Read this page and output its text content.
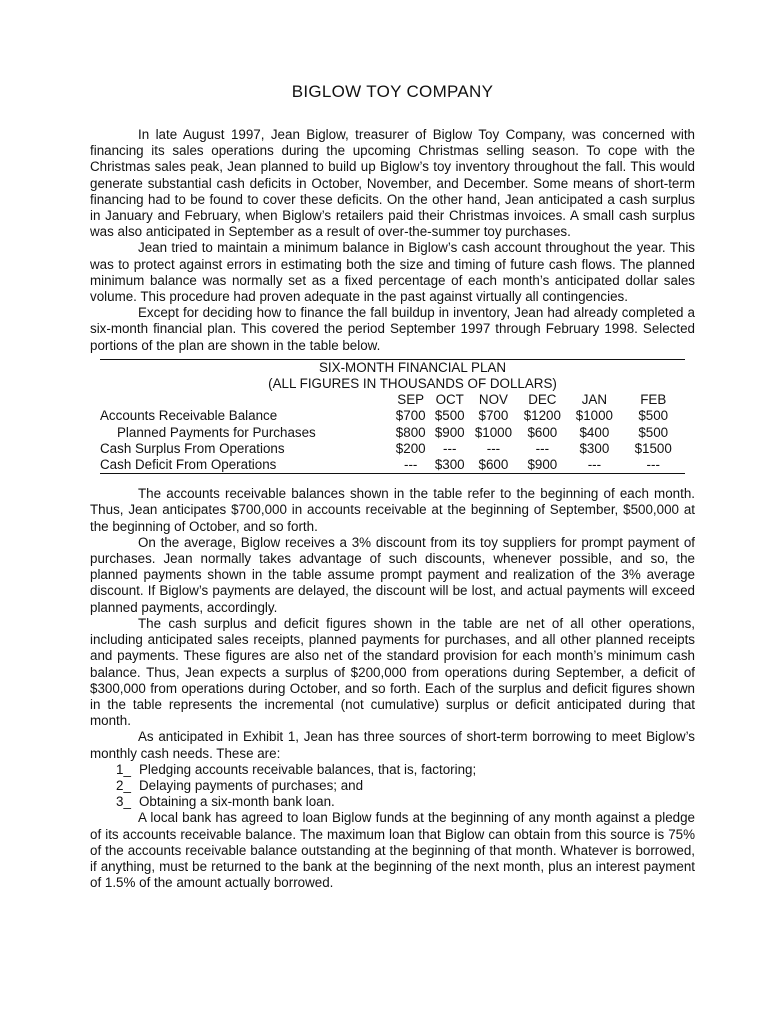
BIGLOW TOY COMPANY

In late August 1997, Jean Biglow, treasurer of Biglow Toy Company, was concerned with financing its sales operations during the upcoming Christmas selling season. To cope with the Christmas sales peak, Jean planned to build up Biglow’s toy inventory throughout the fall. This would generate substantial cash deficits in October, November, and December. Some means of short-term financing had to be found to cover these deficits. On the other hand, Jean anticipated a cash surplus in January and February, when Biglow’s retailers paid their Christmas invoices. A small cash surplus was also anticipated in September as a result of over-the-summer toy purchases.

Jean tried to maintain a minimum balance in Biglow’s cash account throughout the year. This was to protect against errors in estimating both the size and timing of future cash flows. The planned minimum balance was normally set as a fixed percentage of each month’s anticipated dollar sales volume. This procedure had proven adequate in the past against virtually all contingencies.

Except for deciding how to finance the fall buildup in inventory, Jean had already completed a six-month financial plan. This covered the period September 1997 through February 1998. Selected portions of the plan are shown in the table below.

SIX-MONTH FINANCIAL PLAN
(ALL FIGURES IN THOUSANDS OF DOLLARS)
	SEP	OCT	NOV	DEC	JAN	FEB
Accounts Receivable Balance	$700	$500	$700	$1200	$1000	$500
Planned Payments for Purchases	$800	$900	$1000	$600	$400	$500
Cash Surplus From Operations	$200	---	---	---	$300	$1500
Cash Deficit From Operations	---	$300	$600	$900	---	---

The accounts receivable balances shown in the table refer to the beginning of each month. Thus, Jean anticipates $700,000 in accounts receivable at the beginning of September, $500,000 at the beginning of October, and so forth.

On the average, Biglow receives a 3% discount from its toy suppliers for prompt payment of purchases. Jean normally takes advantage of such discounts, whenever possible, and so, the planned payments shown in the table assume prompt payment and realization of the 3% average discount. If Biglow’s payments are delayed, the discount will be lost, and actual payments will exceed planned payments, accordingly.

The cash surplus and deficit figures shown in the table are net of all other operations, including anticipated sales receipts, planned payments for purchases, and all other planned receipts and payments. These figures are also net of the standard provision for each month’s minimum cash balance. Thus, Jean expects a surplus of $200,000 from operations during September, a deficit of $300,000 from operations during October, and so forth. Each of the surplus and deficit figures shown in the table represents the incremental (not cumulative) surplus or deficit anticipated during that month.

As anticipated in Exhibit 1, Jean has three sources of short-term borrowing to meet Biglow’s monthly cash needs. These are:

1_ Pledging accounts receivable balances, that is, factoring;
2_ Delaying payments of purchases; and
3_ Obtaining a six-month bank loan.

A local bank has agreed to loan Biglow funds at the beginning of any month against a pledge of its accounts receivable balance. The maximum loan that Biglow can obtain from this source is 75% of the accounts receivable balance outstanding at the beginning of that month. Whatever is borrowed, if anything, must be returned to the bank at the beginning of the next month, plus an interest payment of 1.5% of the amount actually borrowed.
